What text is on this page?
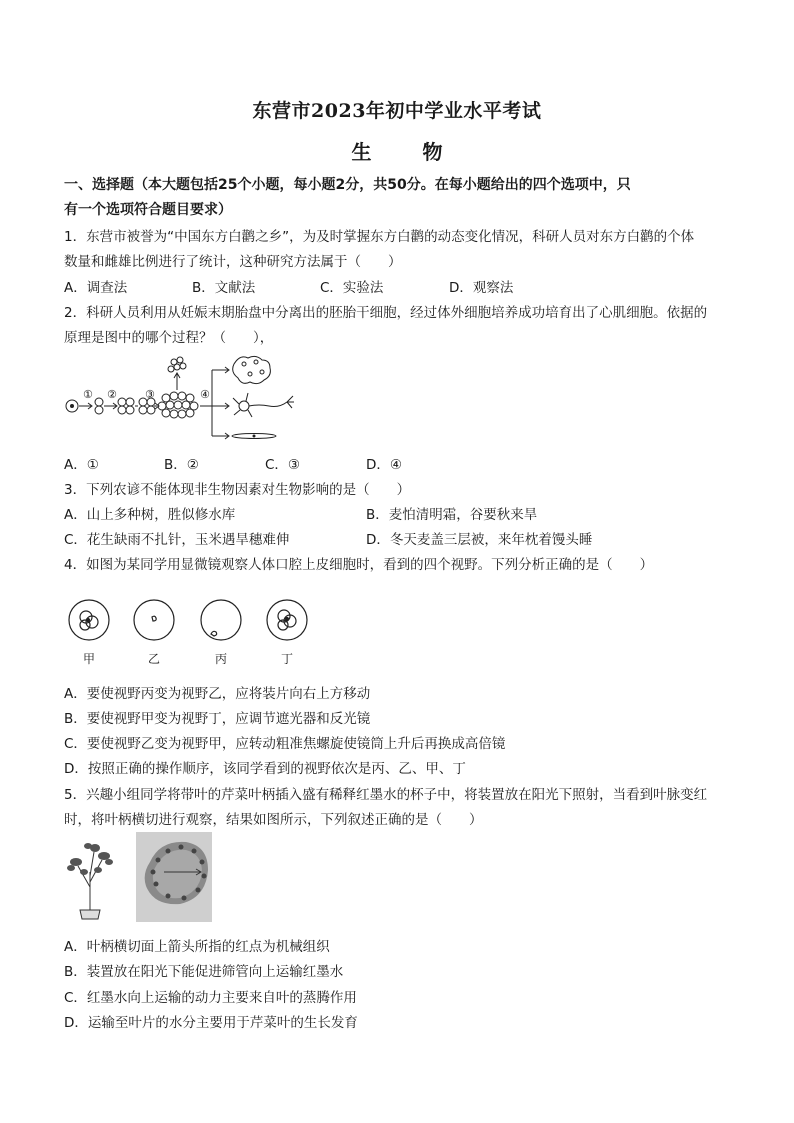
东营市2023年初中学业水平考试
生 物
一、选择题（本大题包括25个小题，每小题2分，共50分。在每小题给出的四个选项中，只
有一个选项符合题目要求）
1．东营市被誉为“中国东方白鹳之乡”，为及时掌握东方白鹳的动态变化情况，科研人员对东方白鹳的个体
数量和雌雄比例进行了统计，这种研究方法属于（　　）
A．调查法	B．文献法	C．实验法	D．观察法
2．科研人员利用从妊娠末期胎盘中分离出的胚胎干细胞，经过体外细胞培养成功培育出了心肌细胞。依据的
原理是图中的哪个过程？（　　），
① ②	③	④
A．①	B．②	C．③	D．④
3．下列农谚不能体现非生物因素对生物影响的是（　　）
A．山上多种树，胜似修水库	B．麦怕清明霜，谷要秋来旱
C．花生缺雨不扎针，玉米遇旱穗难伸	D．冬天麦盖三层被，来年枕着馒头睡
4．如图为某同学用显微镜观察人体口腔上皮细胞时，看到的四个视野。下列分析正确的是（　　）
甲	乙	丙	丁
A．要使视野丙变为视野乙，应将装片向右上方移动
B．要使视野甲变为视野丁，应调节遮光器和反光镜
C．要使视野乙变为视野甲，应转动粗准焦螺旋使镜筒上升后再换成高倍镜
D．按照正确的操作顺序，该同学看到的视野依次是丙、乙、甲、丁
5．兴趣小组同学将带叶的芹菜叶柄插入盛有稀释红墨水的杯子中，将装置放在阳光下照射，当看到叶脉变红
时，将叶柄横切进行观察，结果如图所示，下列叙述正确的是（　　）
A．叶柄横切面上箭头所指的红点为机械组织
B．装置放在阳光下能促进筛管向上运输红墨水
C．红墨水向上运输的动力主要来自叶的蒸腾作用
D．运输至叶片的水分主要用于芹菜叶的生长发育
